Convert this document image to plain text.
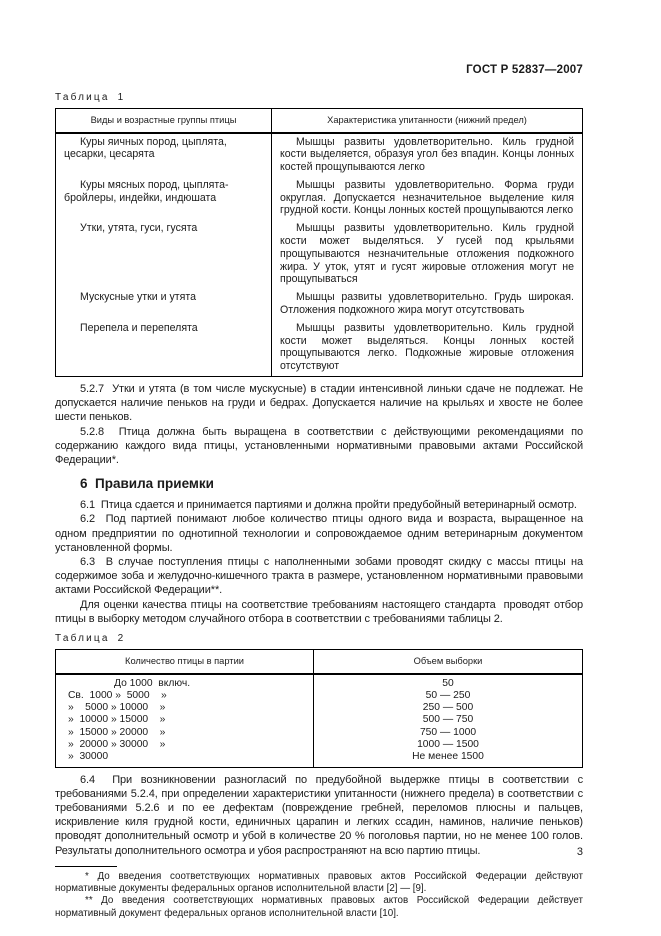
ГОСТ Р 52837—2007
Таблица 1
Виды и возрастные группы птицы	Характеристика упитанности (нижний предел)
Куры яичных пород, цыплята, цесарки, цесарята	Мышцы развиты удовлетворительно. Киль грудной кости выделяется, образуя угол без впадин. Концы лонных костей прощупываются легко
Куры мясных пород, цыплята-бройлеры, индейки, индюшата	Мышцы развиты удовлетворительно. Форма груди округлая. Допускается незначительное выделение киля грудной кости. Концы лонных костей прощупываются легко
Утки, утята, гуси, гусята	Мышцы развиты удовлетворительно. Киль грудной кости может выделяться. У гусей под крыльями прощупываются незначительные отложения подкожного жира. У уток, утят и гусят жировые отложения могут не прощупываться
Мускусные утки и утята	Мышцы развиты удовлетворительно. Грудь широкая. Отложения подкожного жира могут отсутствовать
Перепела и перепелята	Мышцы развиты удовлетворительно. Киль грудной кости может выделяться. Концы лонных костей прощупываются легко. Подкожные жировые отложения отсутствуют

5.2.7  Утки и утята (в том числе мускусные) в стадии интенсивной линьки сдаче не подлежат. Не допускается наличие пеньков на груди и бедрах. Допускается наличие на крыльях и хвосте не более шести пеньков.

5.2.8  Птица должна быть выращена в соответствии с действующими рекомендациями по содержанию каждого вида птицы, установленными нормативными правовыми актами Российской Федерации*.

6  Правила приемки

6.1  Птица сдается и принимается партиями и должна пройти предубойный ветеринарный осмотр.

6.2  Под партией понимают любое количество птицы одного вида и возраста, выращенное на одном предприятии по однотипной технологии и сопровождаемое одним ветеринарным документом установленной формы.

6.3  В случае поступления птицы с наполненными зобами проводят скидку с массы птицы на содержимое зоба и желудочно-кишечного тракта в размере, установленном нормативными правовыми актами Российской Федерации**.

Для оценки качества птицы на соответствие требованиям настоящего стандарта  проводят отбор птицы в выборку методом случайного отбора в соответствии с требованиями таблицы 2.

Таблица 2
Количество птицы в партии	Объем выборки
До 1000  включ.	50
Св.  1000 »  5000    »	50 — 250
»    5000 » 10000    »	250 — 500
»  10000 » 15000    »	500 — 750
»  15000 » 20000    »	750 — 1000
»  20000 » 30000    »	1000 — 1500
»  30000	Не менее 1500

6.4  При возникновении разногласий по предубойной выдержке птицы в соответствии с требованиями 5.2.4, при определении характеристики упитанности (нижнего предела) в соответствии с требованиями 5.2.6 и по ее дефектам (повреждение гребней, переломов плюсны и пальцев, искривление киля грудной кости, единичных царапин и легких ссадин, наминов, наличие пеньков) проводят дополнительный осмотр и убой в количестве 20 % поголовья партии, но не менее 100 голов. Результаты дополнительного осмотра и убоя распространяют на всю партию птицы.

* До введения соответствующих нормативных правовых актов Российской Федерации действуют нормативные документы федеральных органов исполнительной власти [2] — [9].

** До введения соответствующих нормативных правовых актов Российской Федерации действует нормативный документ федеральных органов исполнительной власти [10].

3
